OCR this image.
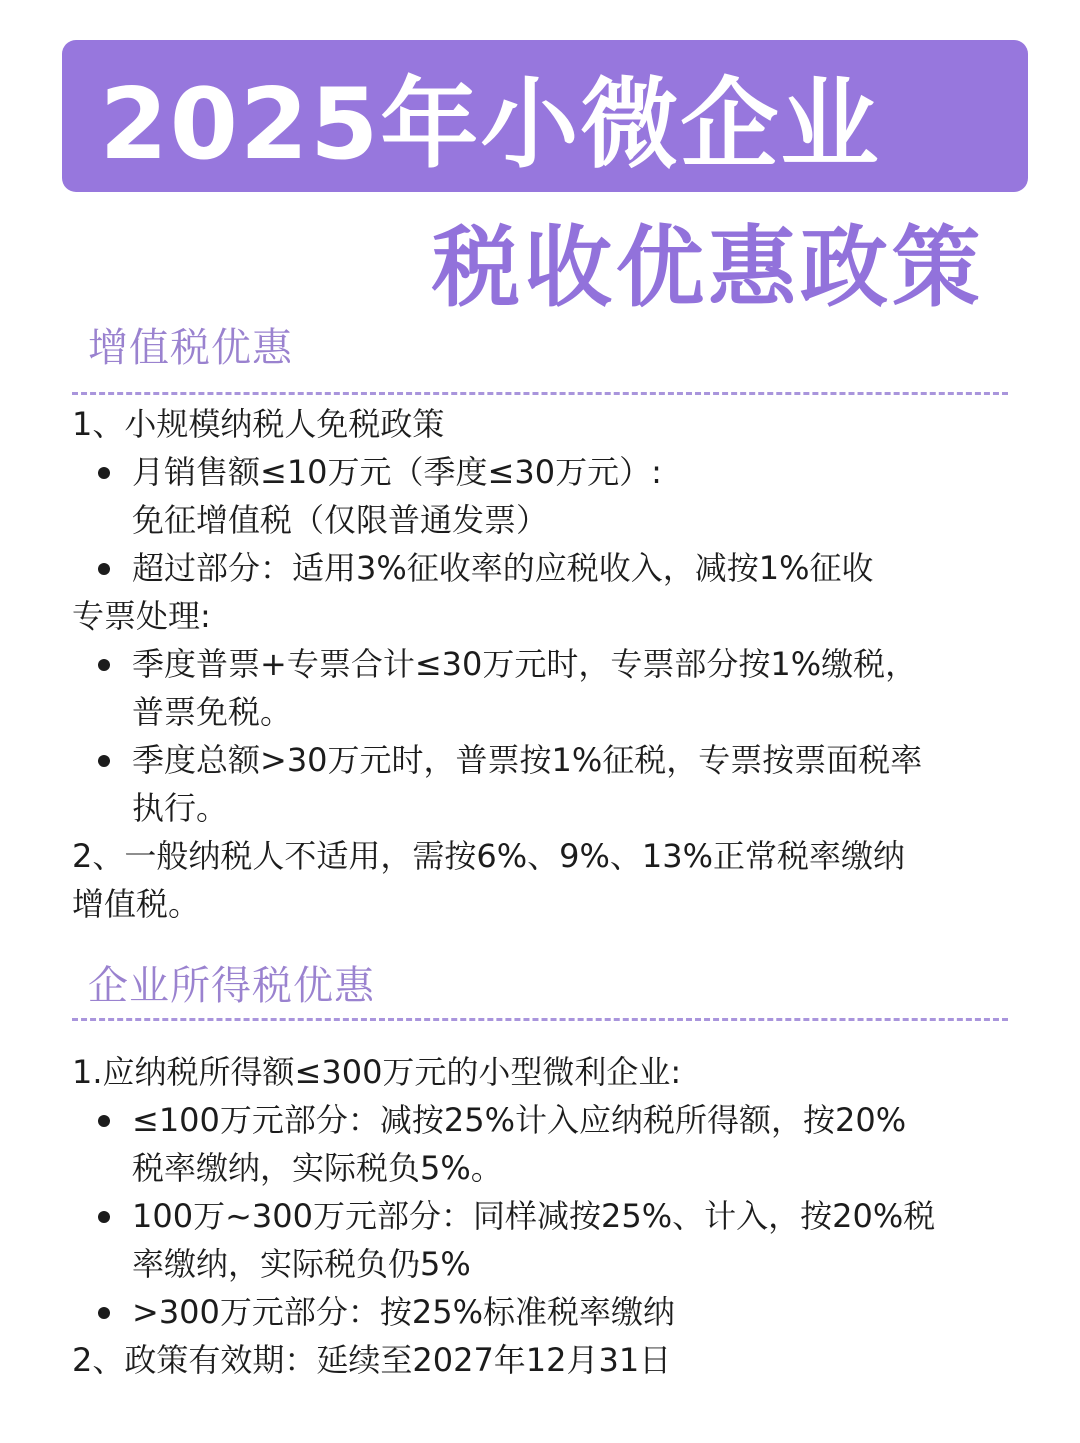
2025年小微企业
税收优惠政策
增值税优惠
1、小规模纳税人免税政策
月销售额≤10万元（季度≤30万元）:
免征增值税（仅限普通发票）
超过部分：适用3%征收率的应税收入，减按1%征收
专票处理:
季度普票+专票合计≤30万元时，专票部分按1%缴税，
普票免税。
季度总额>30万元时，普票按1%征税，专票按票面税率
执行。
2、一般纳税人不适用，需按6%、9%、13%正常税率缴纳
增值税。
企业所得税优惠
1.应纳税所得额≤300万元的小型微利企业:
≤100万元部分：减按25%计入应纳税所得额，按20%
税率缴纳，实际税负5%。
100万~300万元部分：同样减按25%、计入，按20%税
率缴纳，实际税负仍5%
>300万元部分：按25%标准税率缴纳
2、政策有效期：延续至2027年12月31日
